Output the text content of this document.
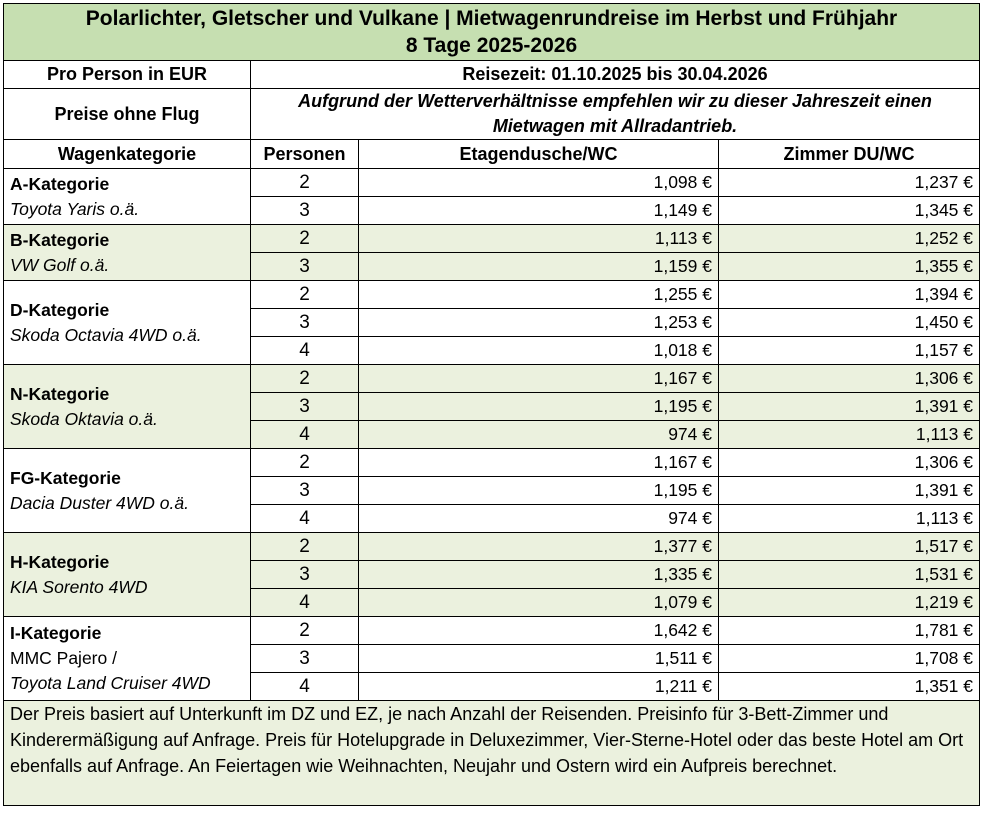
Polarlichter, Gletscher und Vulkane | Mietwagenrundreise im Herbst und Frühjahr
8 Tage 2025-2026			
Pro Person in EUR	Reisezeit: 01.10.2025 bis 30.04.2026		
Preise ohne Flug	Aufgrund der Wetterverhältnisse empfehlen wir zu dieser Jahreszeit einen Mietwagen mit Allradantrieb.		
Wagenkategorie	Personen	Etagendusche/WC	Zimmer DU/WC

A-Kategorie
Toyota Yaris o.ä.	2	1,098 €	1,237 €
	3	1,149 €	1,345 €

B-Kategorie
VW Golf o.ä.	2	1,113 €	1,252 €
	3	1,159 €	1,355 €

D-Kategorie
Skoda Octavia 4WD o.ä.	2	1,255 €	1,394 €
	3	1,253 €	1,450 €
	4	1,018 €	1,157 €

N-Kategorie
Skoda Oktavia o.ä.	2	1,167 €	1,306 €
	3	1,195 €	1,391 €
	4	974 €	1,113 €

FG-Kategorie
Dacia Duster 4WD o.ä.	2	1,167 €	1,306 €
	3	1,195 €	1,391 €
	4	974 €	1,113 €

H-Kategorie
KIA Sorento 4WD	2	1,377 €	1,517 €
	3	1,335 €	1,531 €
	4	1,079 €	1,219 €

I-Kategorie
MMC Pajero /
Toyota Land Cruiser 4WD	2	1,642 €	1,781 €
	3	1,511 €	1,708 €
	4	1,211 €	1,351 €
Der Preis basiert auf Unterkunft im DZ und EZ, je nach Anzahl der Reisenden. Preisinfo für 3-Bett-Zimmer und Kinderermäßigung auf Anfrage. Preis für Hotelupgrade in Deluxezimmer, Vier-Sterne-Hotel oder das beste Hotel am Ort ebenfalls auf Anfrage. An Feiertagen wie Weihnachten, Neujahr und Ostern wird ein Aufpreis berechnet.			
